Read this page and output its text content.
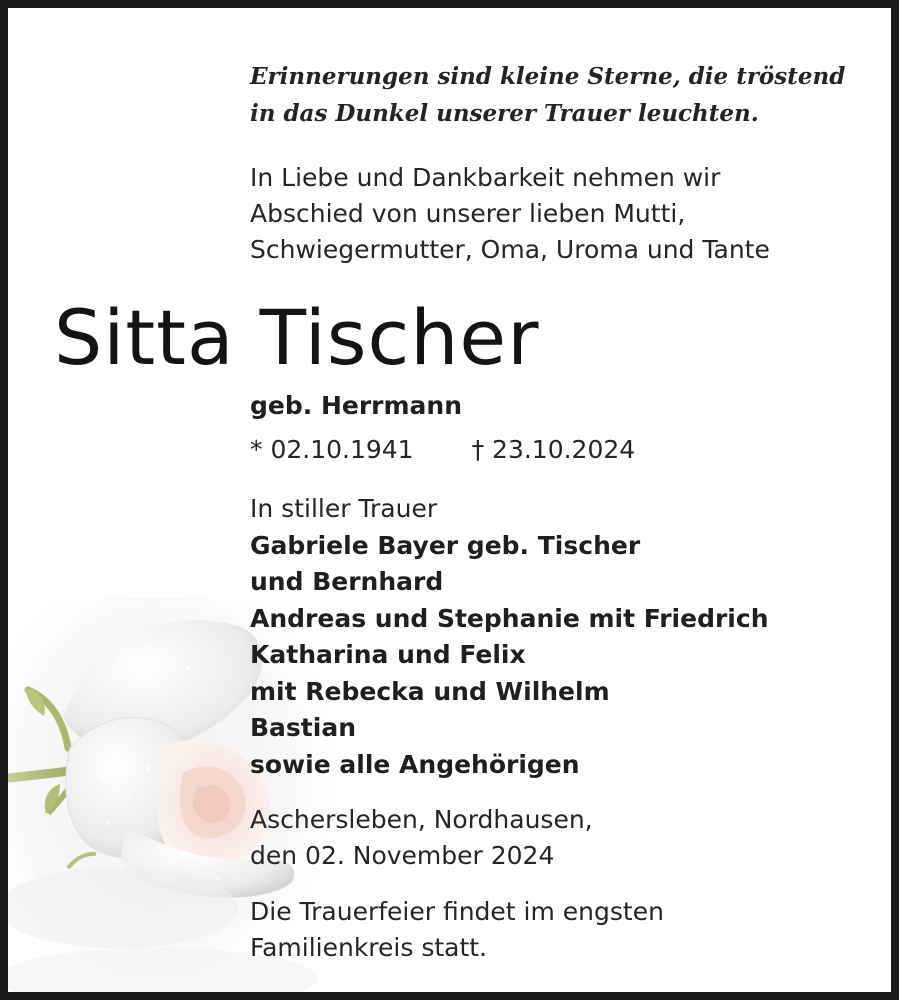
Erinnerungen sind kleine Sterne, die tröstend
in das Dunkel unserer Trauer leuchten.
In Liebe und Dankbarkeit nehmen wir
Abschied von unserer lieben Mutti,
Schwiegermutter, Oma, Uroma und Tante
Sitta Tischer
geb. Herrmann
* 02.10.1941 † 23.10.2024
In stiller Trauer
Gabriele Bayer geb. Tischer
und Bernhard
Andreas und Stephanie mit Friedrich
Katharina und Felix
mit Rebecka und Wilhelm
Bastian
sowie alle Angehörigen
Aschersleben, Nordhausen,
den 02. November 2024
Die Trauerfeier findet im engsten
Familienkreis statt.
